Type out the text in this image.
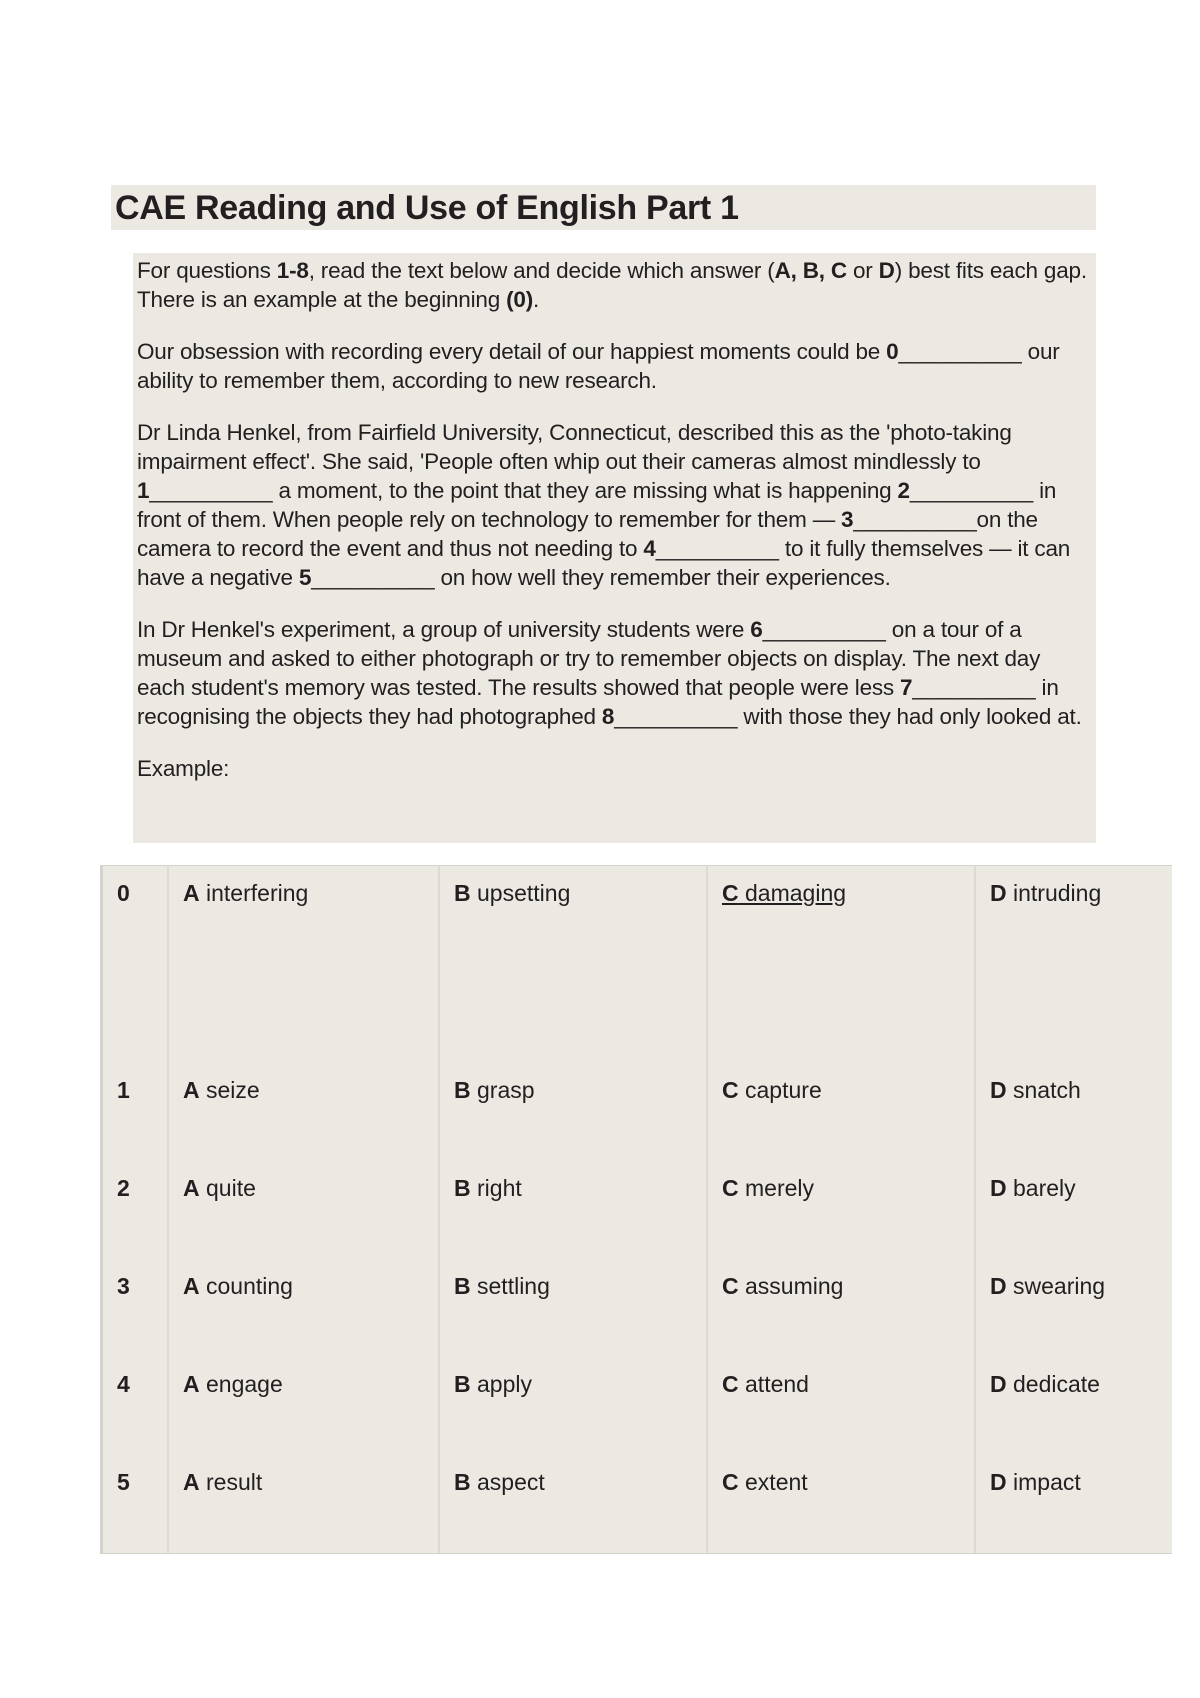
CAE Reading and Use of English Part 1

For questions 1-8, read the text below and decide which answer (A, B, C or D) best fits each gap. There is an example at the beginning (0).

Our obsession with recording every detail of our happiest moments could be 0__________ our ability to remember them, according to new research.

Dr Linda Henkel, from Fairfield University, Connecticut, described this as the 'photo-taking impairment effect'. She said, 'People often whip out their cameras almost mindlessly to 1__________ a moment, to the point that they are missing what is happening 2__________ in front of them. When people rely on technology to remember for them — 3__________on the camera to record the event and thus not needing to 4__________ to it fully themselves — it can have a negative 5__________ on how well they remember their experiences.

In Dr Henkel's experiment, a group of university students were 6__________ on a tour of a museum and asked to either photograph or try to remember objects on display. The next day each student's memory was tested. The results showed that people were less 7__________ in recognising the objects they had photographed 8__________ with those they had only looked at.

Example:

0	A interfering	B upsetting	C damaging	D intruding
1	A seize	B grasp	C capture	D snatch
2	A quite	B right	C merely	D barely
3	A counting	B settling	C assuming	D swearing
4	A engage	B apply	C attend	D dedicate
5	A result	B aspect	C extent	D impact
